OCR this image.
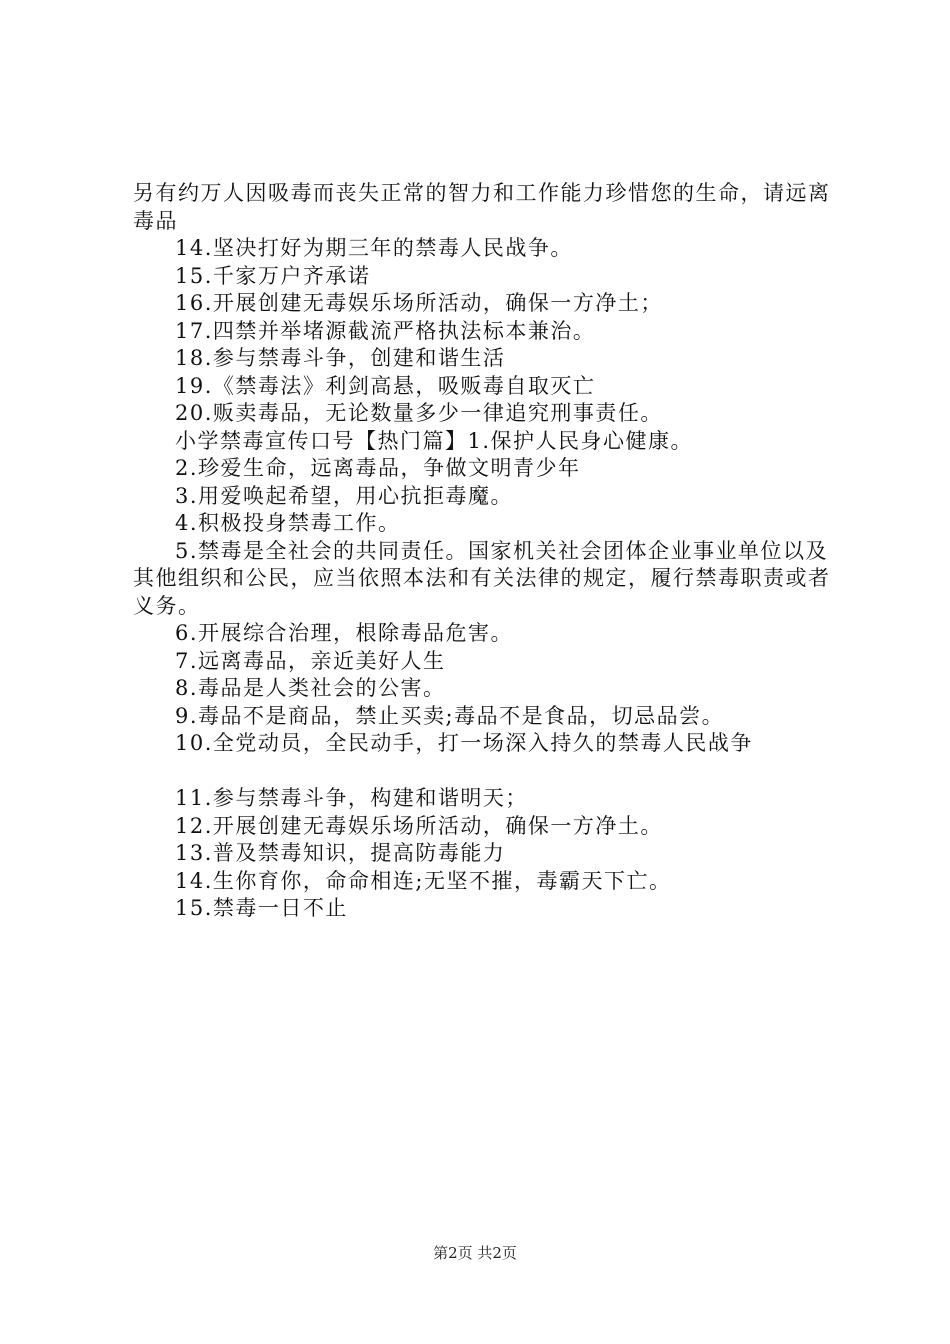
另有约万人因吸毒而丧失正常的智力和工作能力珍惜您的生命，请远离毒品

14.坚决打好为期三年的禁毒人民战争。

15.千家万户齐承诺

16.开展创建无毒娱乐场所活动，确保一方净土；

17.四禁并举堵源截流严格执法标本兼治。

18.参与禁毒斗争，创建和谐生活

19.《禁毒法》利剑高悬，吸贩毒自取灭亡

20.贩卖毒品，无论数量多少一律追究刑事责任。

小学禁毒宣传口号【热门篇】1.保护人民身心健康。

2.珍爱生命，远离毒品，争做文明青少年

3.用爱唤起希望，用心抗拒毒魔。

4.积极投身禁毒工作。

5.禁毒是全社会的共同责任。国家机关社会团体企业事业单位以及其他组织和公民，应当依照本法和有关法律的规定，履行禁毒职责或者义务。

6.开展综合治理，根除毒品危害。

7.远离毒品，亲近美好人生

8.毒品是人类社会的公害。

9.毒品不是商品，禁止买卖;毒品不是食品，切忌品尝。

10.全党动员，全民动手，打一场深入持久的禁毒人民战争

11.参与禁毒斗争，构建和谐明天；

12.开展创建无毒娱乐场所活动，确保一方净土。

13.普及禁毒知识，提高防毒能力

14.生你育你，命命相连;无坚不摧，毒霸天下亡。

15.禁毒一日不止

第2页 共2页
